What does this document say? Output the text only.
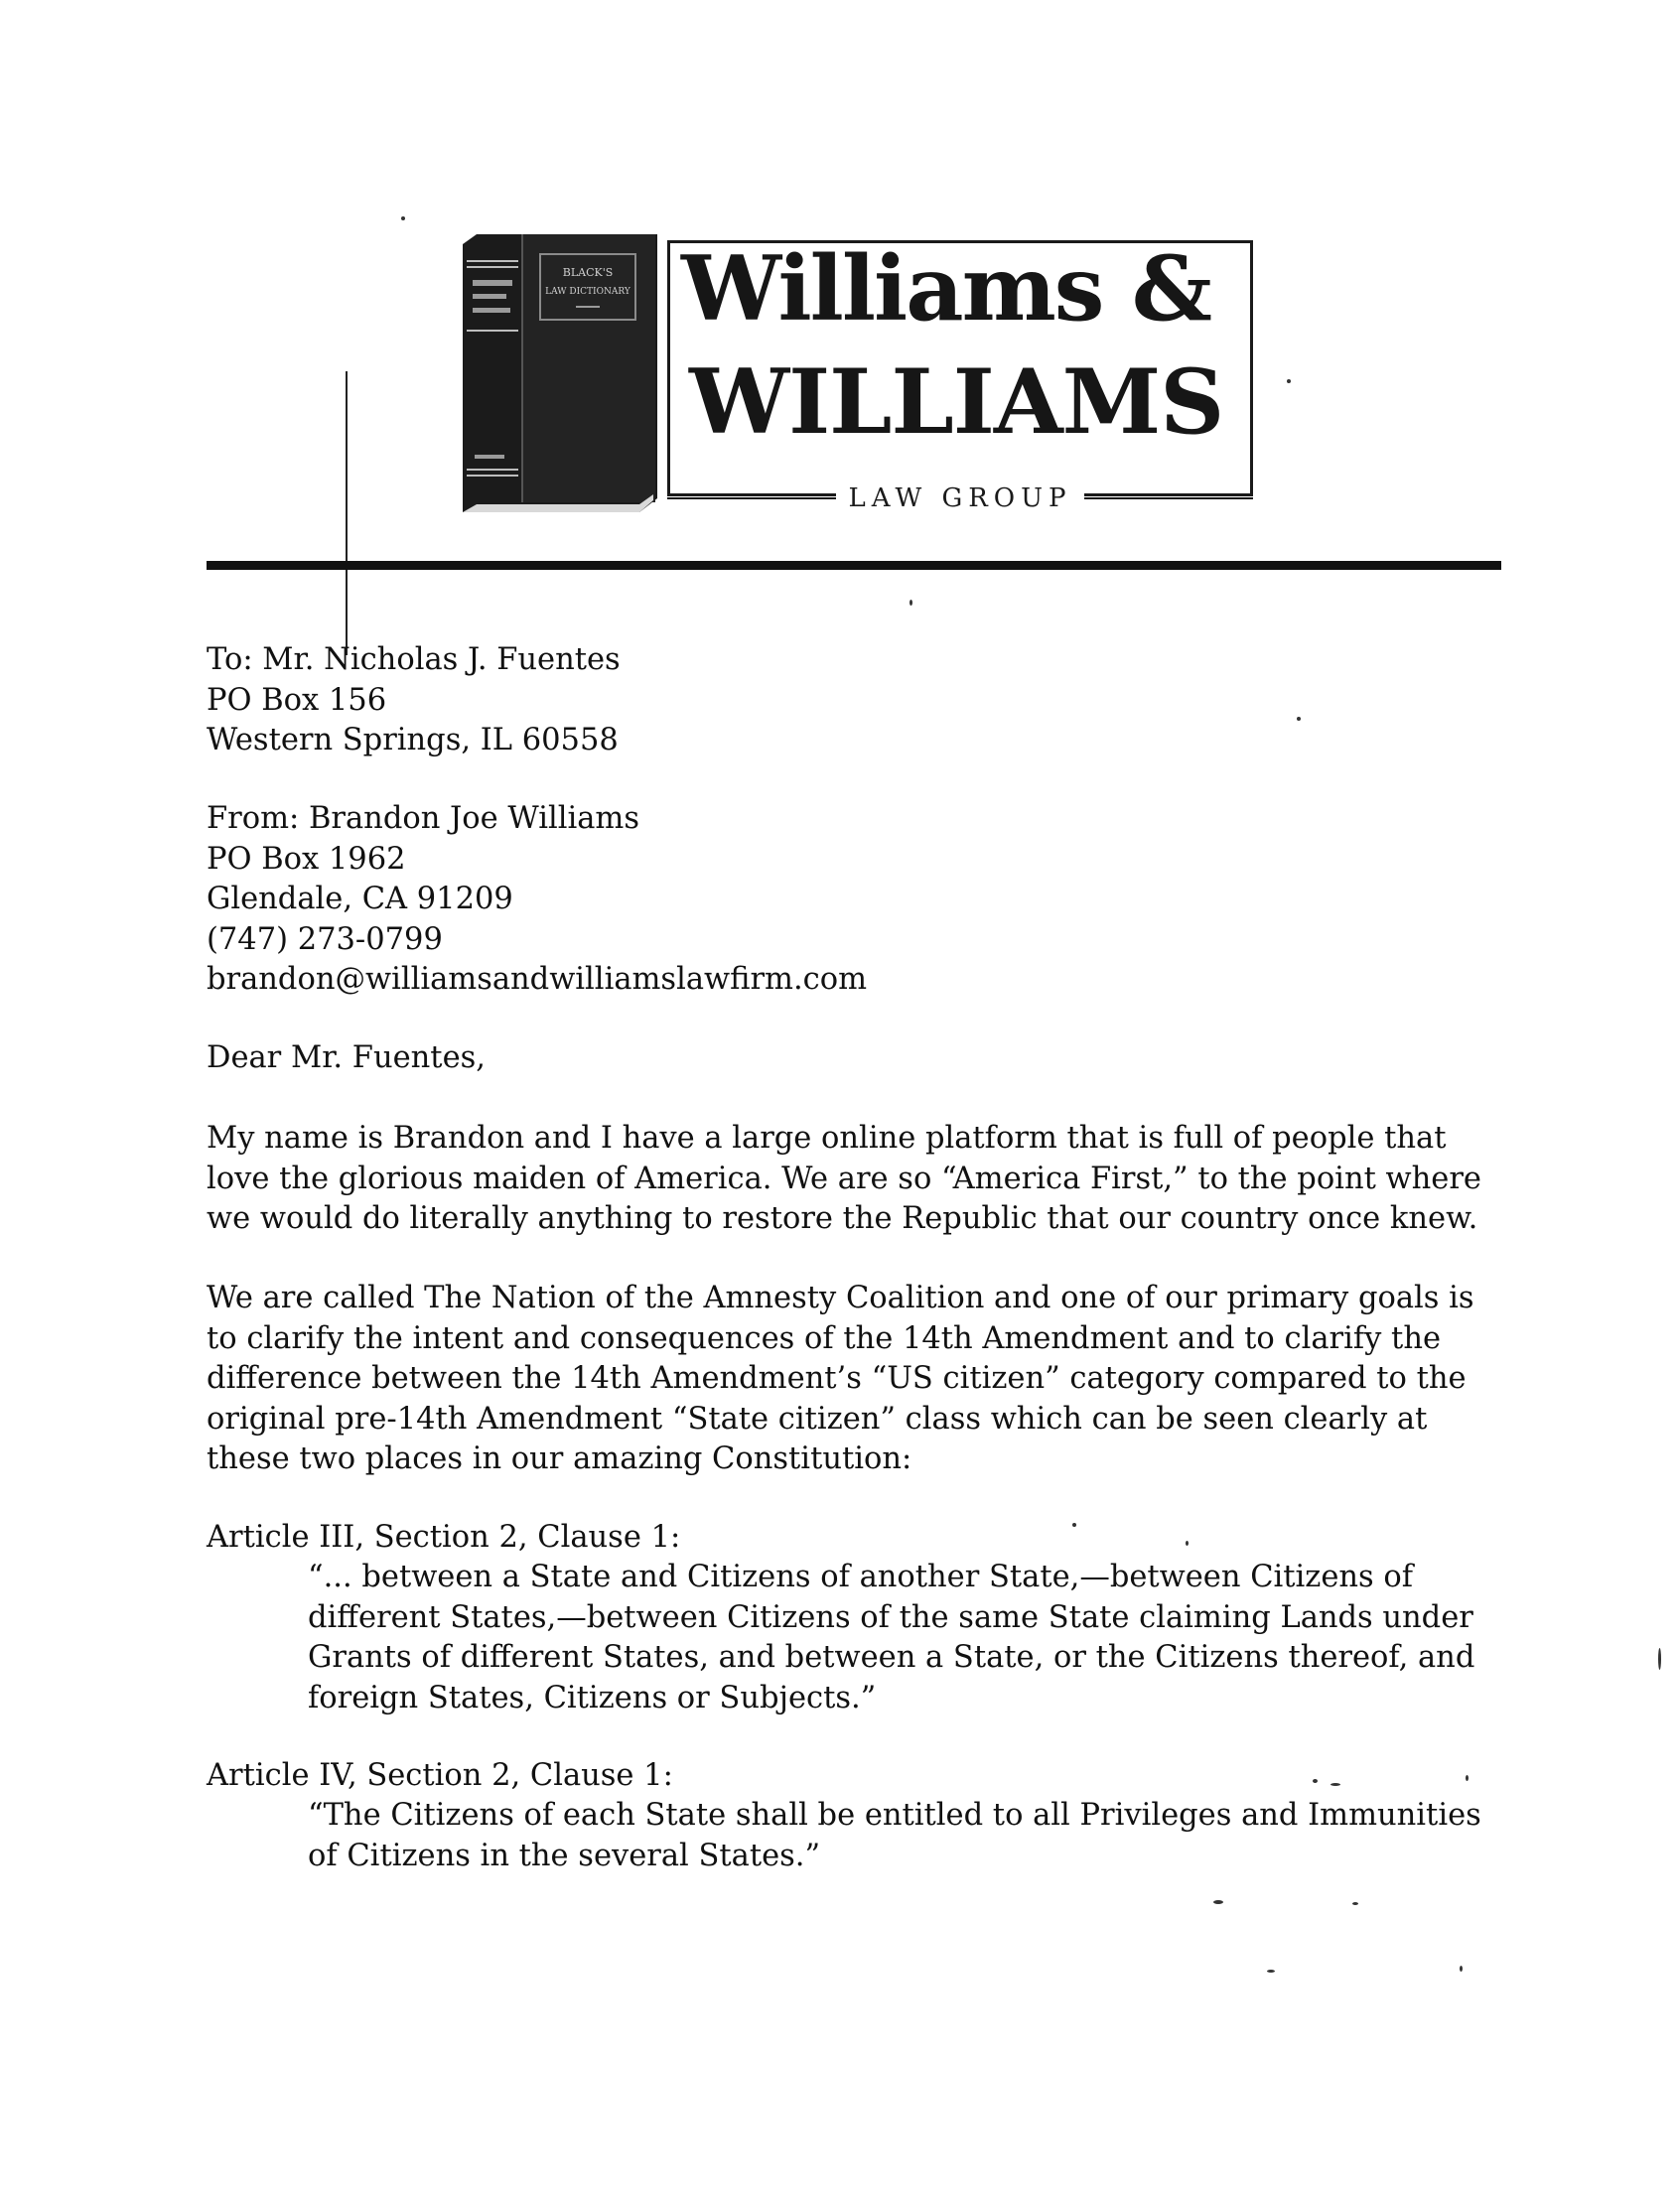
BLACK'S
LAW DICTIONARY Williams &
WILLIAMS
LAW GROUP
To: Mr. Nicholas J. Fuentes
PO Box 156
Western Springs, IL 60558
From: Brandon Joe Williams
PO Box 1962
Glendale, CA 91209
(747) 273-0799
brandon@williamsandwilliamslawfirm.com
Dear Mr. Fuentes,
My name is Brandon and I have a large online platform that is full of people that
love the glorious maiden of America. We are so “America First,” to the point where
we would do literally anything to restore the Republic that our country once knew.
We are called The Nation of the Amnesty Coalition and one of our primary goals is
to clarify the intent and consequences of the 14th Amendment and to clarify the
difference between the 14th Amendment’s “US citizen” category compared to the
original pre-14th Amendment “State citizen” class which can be seen clearly at
these two places in our amazing Constitution:
Article III, Section 2, Clause 1:
“... between a State and Citizens of another State,—between Citizens of
different States,—between Citizens of the same State claiming Lands under
Grants of different States, and between a State, or the Citizens thereof, and
foreign States, Citizens or Subjects.”
Article IV, Section 2, Clause 1:
“The Citizens of each State shall be entitled to all Privileges and Immunities
of Citizens in the several States.”
